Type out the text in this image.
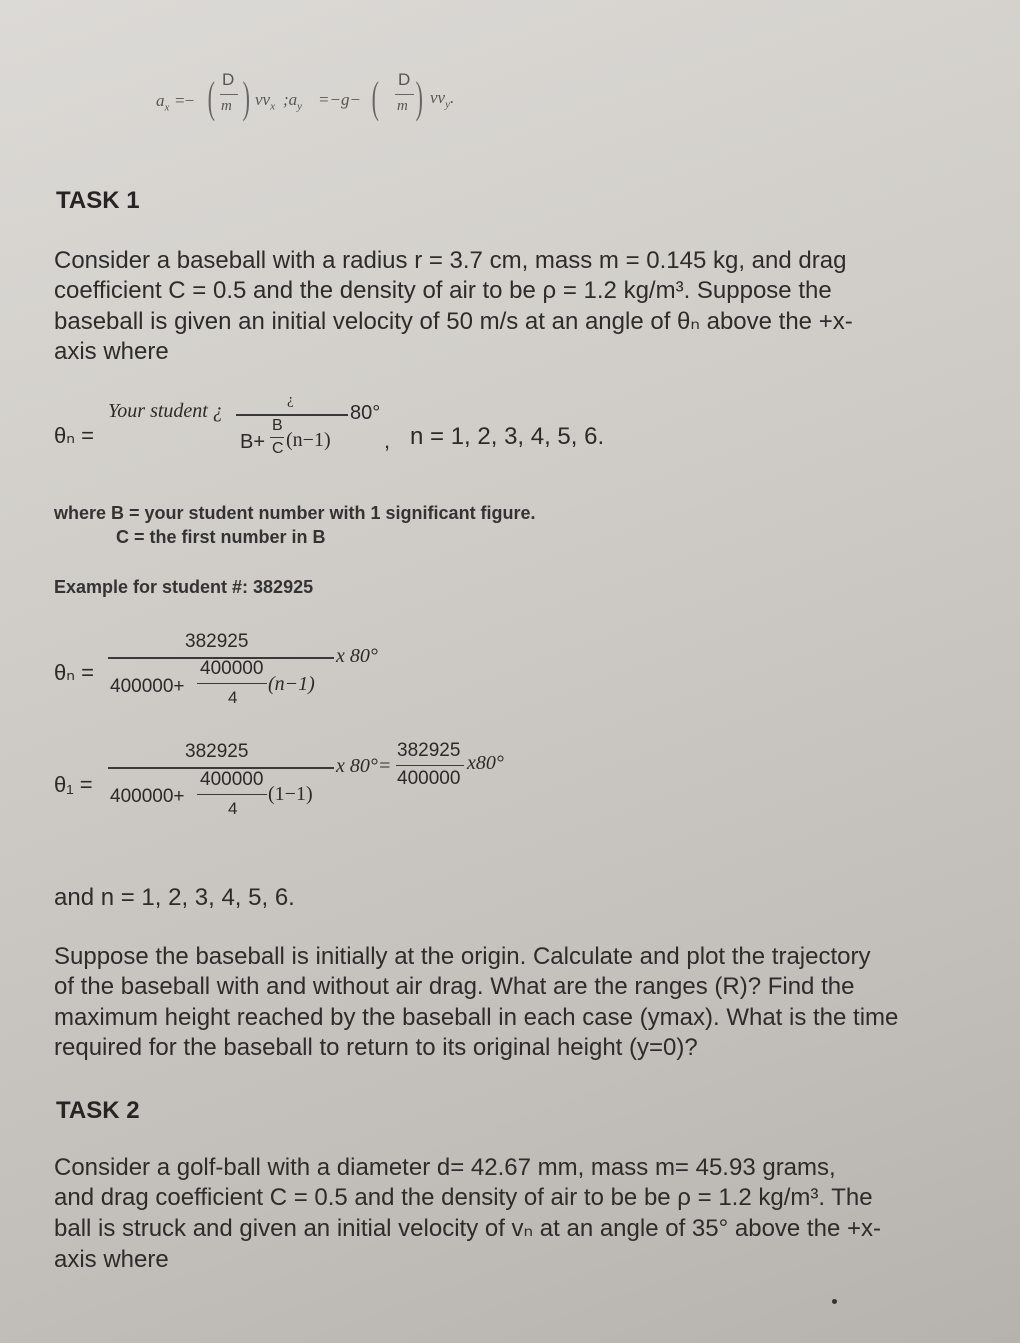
$a_x$ =− ( D
m ) $vv_x$ $;a_y =-g-$ ( D
m ) $vv_y$.
TASK 1
Consider a baseball with a radius r = 3.7 cm, mass m = 0.145 kg, and drag
coefficient C = 0.5 and the density of air to be ρ = 1.2 kg/m³. Suppose the
baseball is given an initial velocity of 50 m/s at an angle of θₙ above the +x-
axis where
θₙ =
Your student ¿	¿
80°
B+
B
C (n−1) , n = 1, 2, 3, 4, 5, 6.
where B = your student number with 1 significant figure.
C = the first number in B
Example for student #: 382925
θₙ =
382925
x 80°
400000+
400000
4
(n−1)
θ₁ =
382925
x 80°=
400000+
400000
4
(1−1)
382925
400000
x80°
and n = 1, 2, 3, 4, 5, 6.
Suppose the baseball is initially at the origin. Calculate and plot the trajectory
of the baseball with and without air drag. What are the ranges (R)? Find the
maximum height reached by the baseball in each case (ymax). What is the time
required for the baseball to return to its original height (y=0)?
TASK 2
Consider a golf-ball with a diameter d= 42.67 mm, mass m= 45.93 grams,
and drag coefficient C = 0.5 and the density of air to be be ρ = 1.2 kg/m³. The
ball is struck and given an initial velocity of vₙ at an angle of 35° above the +x-
axis where
